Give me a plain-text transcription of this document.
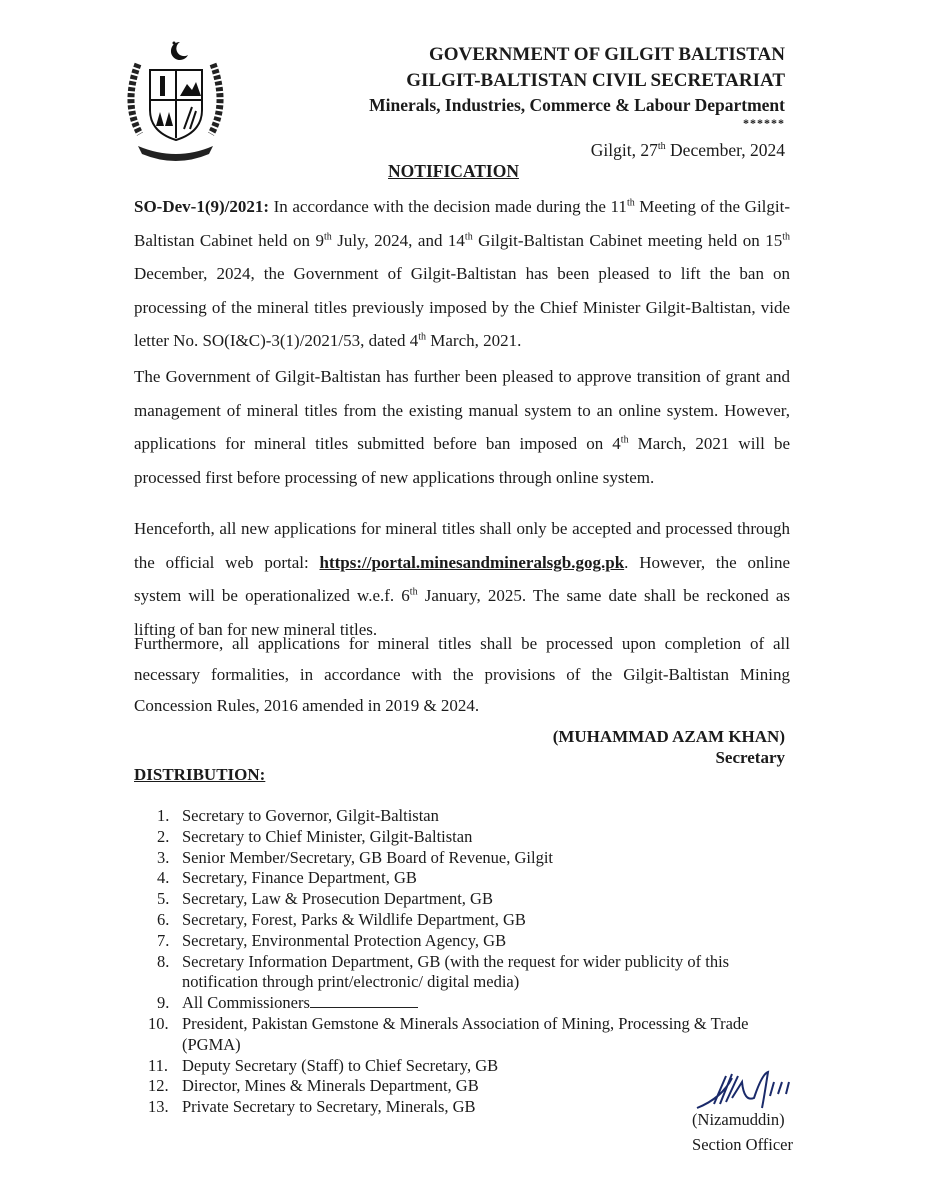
GOVERNMENT OF GILGIT BALTISTAN
GILGIT-BALTISTAN CIVIL SECRETARIAT
Minerals, Industries, Commerce & Labour Department
******
Gilgit, 27th December, 2024
NOTIFICATION
SO-Dev-1(9)/2021: In accordance with the decision made during the 11th Meeting of the Gilgit-Baltistan Cabinet held on 9th July, 2024, and 14th Gilgit-Baltistan Cabinet meeting held on 15th December, 2024, the Government of Gilgit-Baltistan has been pleased to lift the ban on processing of the mineral titles previously imposed by the Chief Minister Gilgit-Baltistan, vide letter No. SO(I&C)-3(1)/2021/53, dated 4th March, 2021.
The Government of Gilgit-Baltistan has further been pleased to approve transition of grant and management of mineral titles from the existing manual system to an online system. However, applications for mineral titles submitted before ban imposed on 4th March, 2021 will be processed first before processing of new applications through online system.
Henceforth, all new applications for mineral titles shall only be accepted and processed through the official web portal: https://portal.minesandmineralsgb.gog.pk. However, the online system will be operationalized w.e.f. 6th January, 2025. The same date shall be reckoned as lifting of ban for new mineral titles.
Furthermore, all applications for mineral titles shall be processed upon completion of all necessary formalities, in accordance with the provisions of the Gilgit-Baltistan Mining Concession Rules, 2016 amended in 2019 & 2024.
(MUHAMMAD AZAM KHAN)
Secretary
DISTRIBUTION:
1. Secretary to Governor, Gilgit-Baltistan
2. Secretary to Chief Minister, Gilgit-Baltistan
3. Senior Member/Secretary, GB Board of Revenue, Gilgit
4. Secretary, Finance Department, GB
5. Secretary, Law & Prosecution Department, GB
6. Secretary, Forest, Parks & Wildlife Department, GB
7. Secretary, Environmental Protection Agency, GB
8. Secretary Information Department, GB (with the request for wider publicity of this notification through print/electronic/ digital media)
9. All Commissioners
10. President, Pakistan Gemstone & Minerals Association of Mining, Processing & Trade (PGMA)
11. Deputy Secretary (Staff) to Chief Secretary, GB
12. Director, Mines & Minerals Department, GB
13. Private Secretary to Secretary, Minerals, GB
(Nizamuddin)
Section Officer
